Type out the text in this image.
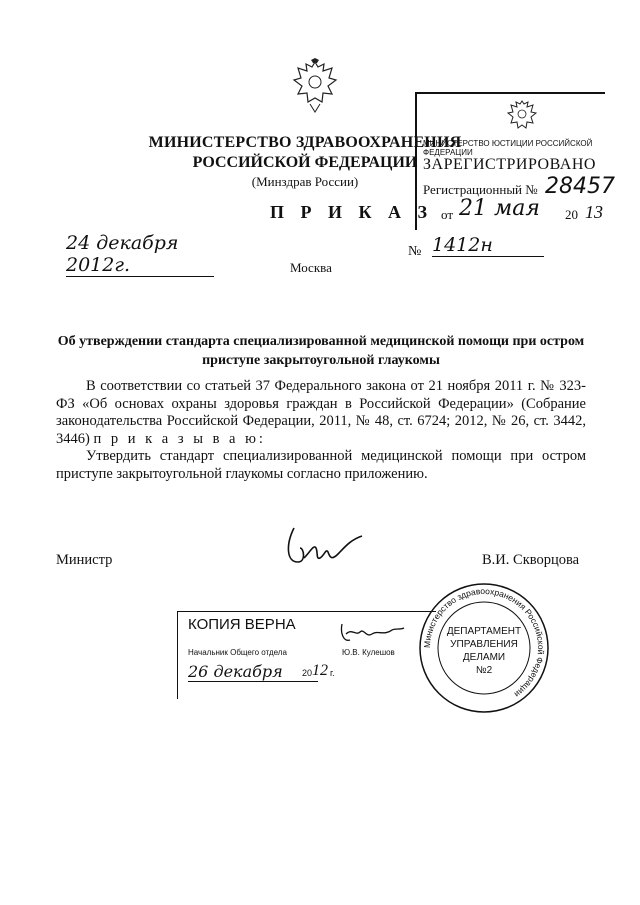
МИНИСТЕРСТВО ЗДРАВООХРАНЕНИЯ
РОССИЙСКОЙ ФЕДЕРАЦИИ
(Минздрав России)
П Р И К А З
МИНИСТЕРСТВО ЮСТИЦИИ РОССИЙСКОЙ ФЕДЕРАЦИИ
ЗАРЕГИСТРИРОВАНО
Регистрационный № 28457
от 21 мая 20 13
24 декабря 2012г.
№ 1412н
Москва
Об утверждении стандарта специализированной медицинской помощи при остром приступе закрытоугольной глаукомы

В соответствии со статьей 37 Федерального закона от 21 ноября 2011 г. № 323-ФЗ «Об основах охраны здоровья граждан в Российской Федерации» (Собрание законодательства Российской Федерации, 2011, № 48, ст. 6724; 2012, № 26, ст. 3442, 3446) п р и к а з ы в а ю:

Утвердить стандарт специализированной медицинской помощи при остром приступе закрытоугольной глаукомы согласно приложению.

Министр	В.И. Скворцова
КОПИЯ ВЕРНА
Начальник Общего отдела	Ю.В. Кулешов
26 декабря	20 12 г.
Министерство здравоохранения Российской Федерации
ДЕПАРТАМЕНТ
УПРАВЛЕНИЯ
ДЕЛАМИ
№2
